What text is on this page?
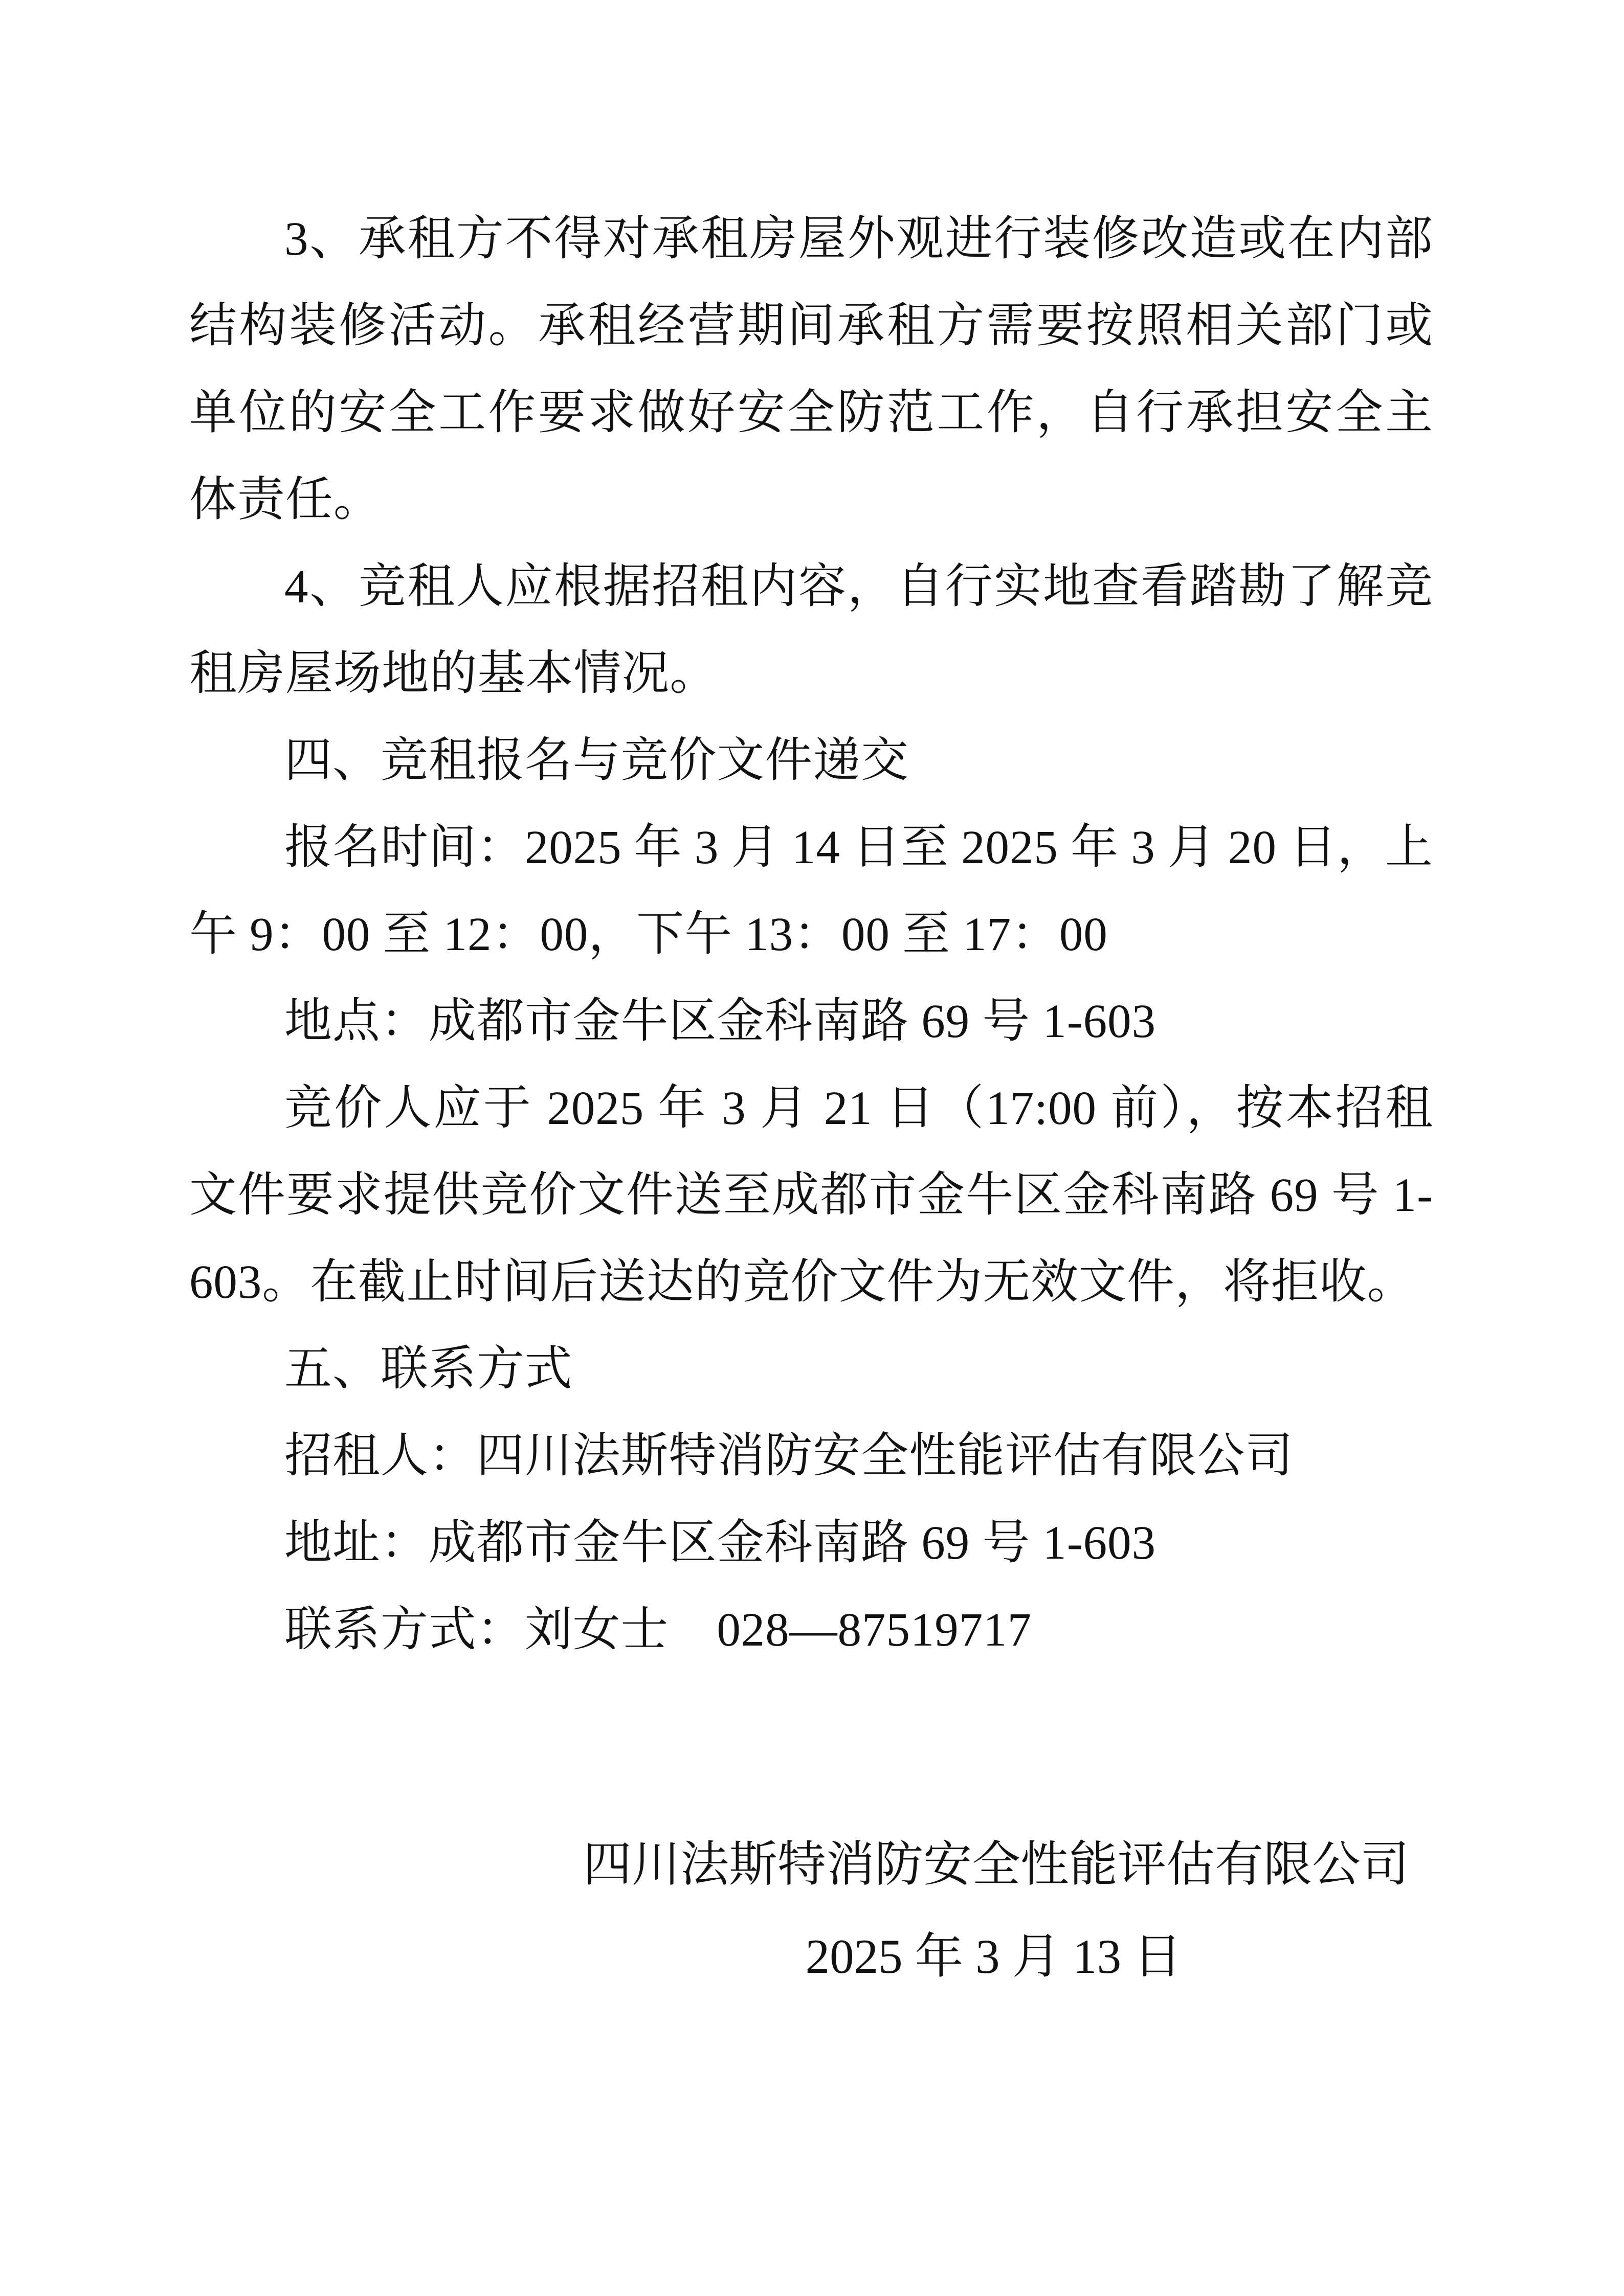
3、承租方不得对承租房屋外观进行装修改造或在内部结构装修活动。承租经营期间承租方需要按照相关部门或单位的安全工作要求做好安全防范工作，自行承担安全主体责任。

4、竞租人应根据招租内容，自行实地查看踏勘了解竞租房屋场地的基本情况。

四、竞租报名与竞价文件递交

报名时间：2025 年 3 月 14 日至 2025 年 3 月 20 日，上午 9：00 至 12：00，下午 13：00 至 17：00

地点：成都市金牛区金科南路 69 号 1-603

竞价人应于 2025 年 3 月 21 日（17:00 前），按本招租文件要求提供竞价文件送至成都市金牛区金科南路 69 号 1-603。在截止时间后送达的竞价文件为无效文件，将拒收。

五、联系方式

招租人：四川法斯特消防安全性能评估有限公司

地址：成都市金牛区金科南路 69 号 1-603

联系方式：刘女士　028—87519717

四川法斯特消防安全性能评估有限公司

2025 年 3 月 13 日
